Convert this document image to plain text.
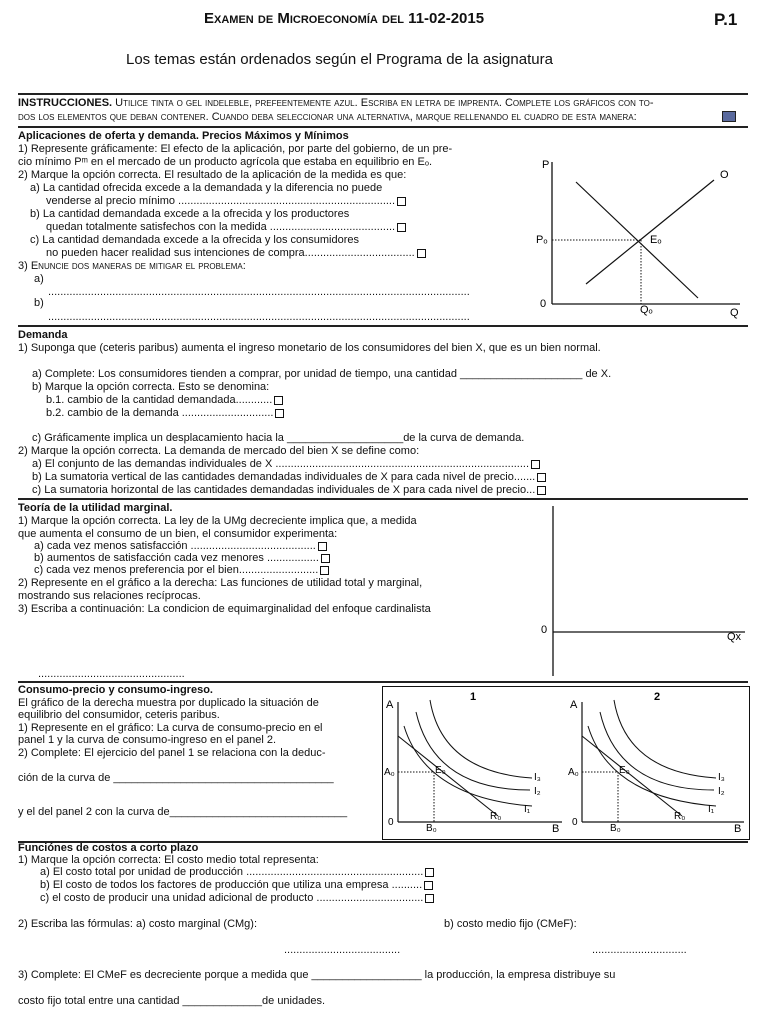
Examen de Microeconomía del 11-02-2015	P.1
Los temas están ordenados según el Programa de la asignatura
INSTRUCCIONES. Utilice tinta o gel indeleble, prefeentemente azul. Escriba en letra de imprenta. Complete los gráficos con to-
dos los elementos que deban contener. Cuando deba seleccionar una alternativa, marque rellenando el cuadro de esta manera:
Aplicaciones de oferta y demanda. Precios Máximos y Mínimos
1) Represente gráficamente: El efecto de la aplicación, por parte del gobierno, de un pre-
cio mínimo Pᵐ en el mercado de un producto agrícola que estaba en equilibrio en Eₒ.
2) Marque la opción correcta. El resultado de la aplicación de la medida es que:
a) La cantidad ofrecida excede a la demandada y la diferencia no puede
venderse al precio mínimo .......................................................................
b) La cantidad demandada excede a la ofrecida y los productores
quedan totalmente satisfechos con la medida .........................................
c) La cantidad demandada excede a la ofrecida y los consumidores
no pueden hacer realidad sus intenciones de compra....................................
3) Enuncie dos maneras de mitigar el problema:
a)
..........................................................................................................................................
b)
..........................................................................................................................................
P
O
Pₒ	Eₒ
0	Qₒ	Q
Demanda
1) Suponga que (ceteris paribus) aumenta el ingreso monetario de los consumidores del bien X, que es un bien normal.
a) Complete: Los consumidores tienden a comprar, por unidad de tiempo, una cantidad ____________________ de X.
b) Marque la opción correcta. Esto se denomina:
b.1. cambio de la cantidad demandada............
b.2. cambio de la demanda ..............................
c) Gráficamente implica un desplacamiento hacia la ___________________de la curva de demanda.
2) Marque la opción correcta. La demanda de mercado del bien X se define como:
a) El conjunto de las demandas individuales de X ...................................................................................
b) La sumatoria vertical de las cantidades demandadas individuales de X para cada nivel de precio.......
c) La sumatoria horizontal de las cantidades demandadas individuales de X para cada nivel de precio...
Teoría de la utilidad marginal.
1) Marque la opción correcta. La ley de la UMg decreciente implica que, a medida
que aumenta el consumo de un bien, el consumidor experimenta:
a) cada vez menos satisfacción .........................................
b) aumentos de satisfacción cada vez menores .................
c) cada vez menos preferencia por el bien..........................
2) Represente en el gráfico a la derecha: Las funciones de utilidad total y marginal,
mostrando sus relaciones recíprocas.
3) Escriba a continuación: La condicion de equimarginalidad del enfoque cardinalista
................................................
0
Qx
Consumo-precio y consumo-ingreso.
El gráfico de la derecha muestra por duplicado la situación de
equilibrio del consumidor, ceteris paribus.
1) Represente en el gráfico: La curva de consumo-precio en el
panel 1 y la curva de consumo-ingreso en el panel 2.
2) Complete: El ejercicio del panel 1 se relaciona con la deduc-
ción de la curva de ____________________________________
y el del panel 2 con la curva de_____________________________
1
A
A₀	E₀
I₃
I₂
I₁
R₀
B₀	B
0
2
A
A₀	E₀
I₃
I₂
I₁
R₀
B₀	B
0
Funciónes de costos a corto plazo
1) Marque la opción correcta: El costo medio total representa:
a) El costo total por unidad de producción ..........................................................
b) El costo de todos los factores de producción que utiliza una empresa ..........
c) el costo de producir una unidad adicional de producto ...................................
2) Escriba las fórmulas: a) costo marginal (CMg):	b) costo medio fijo (CMeF):
......................................	...............................
3) Complete: El CMeF es decreciente porque a medida que __________________ la producción, la empresa distribuye su
costo fijo total entre una cantidad _____________de unidades.
